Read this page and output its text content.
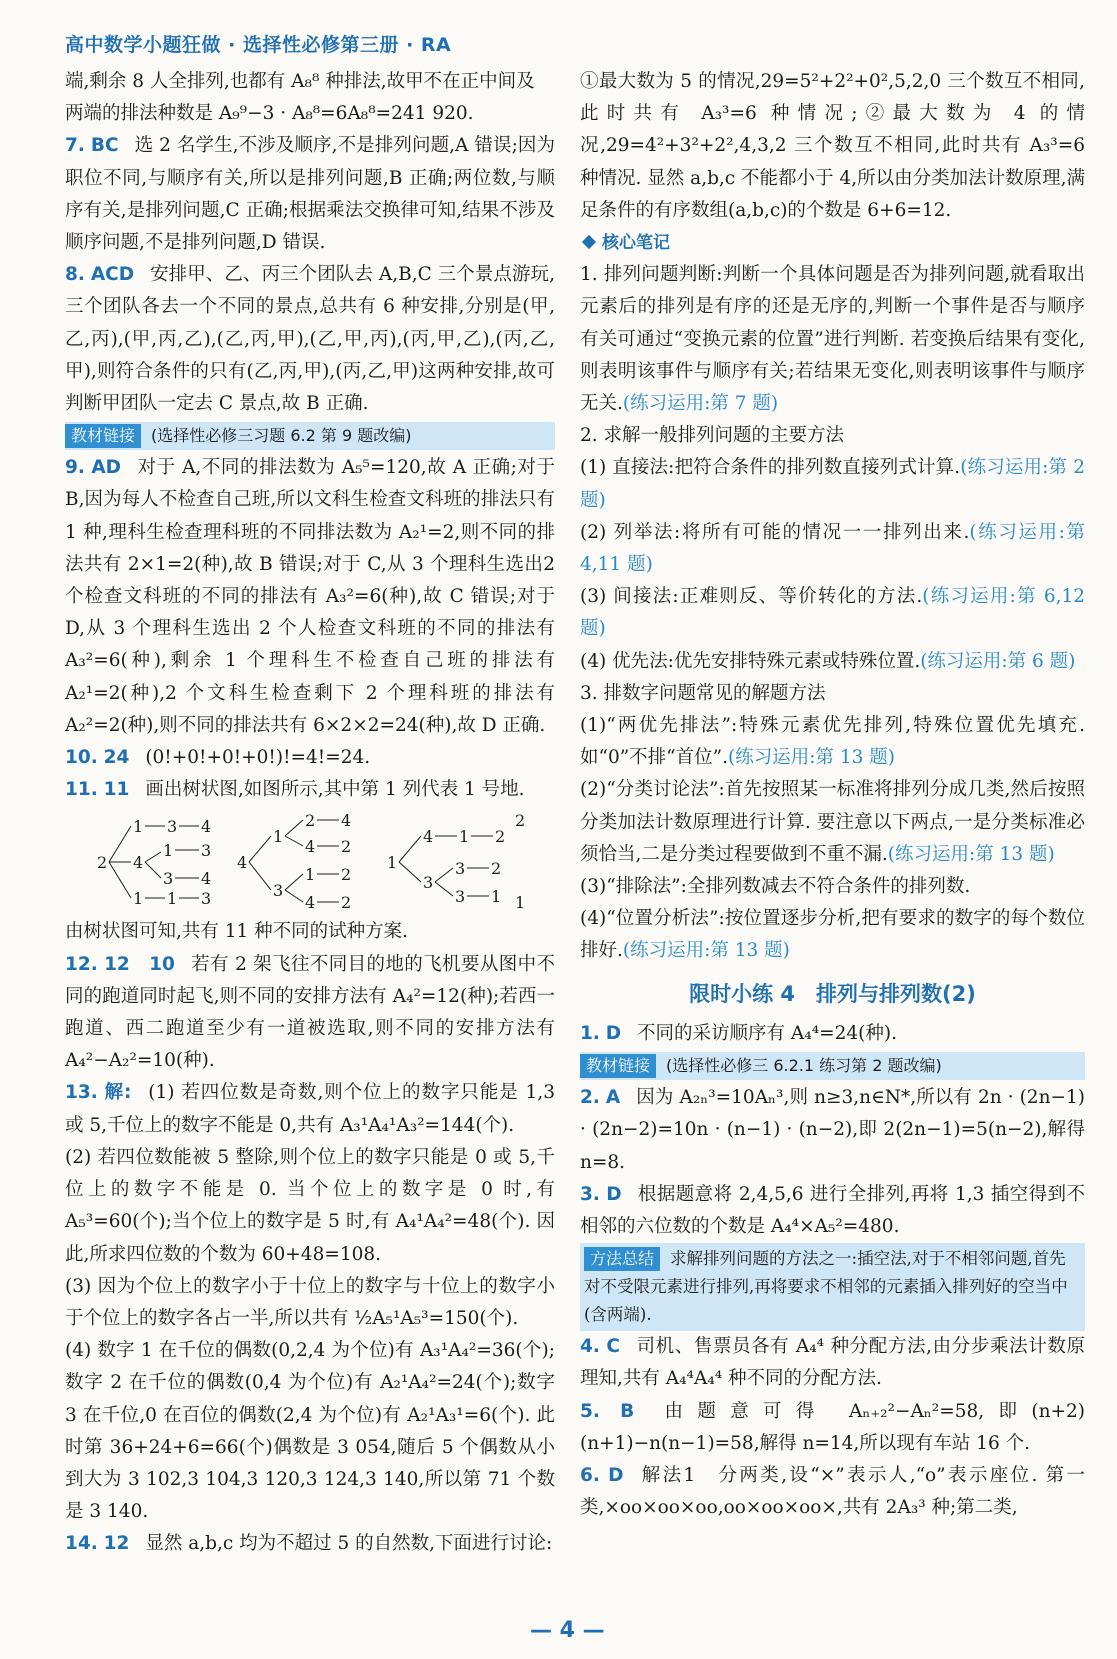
高中数学小题狂做 · 选择性必修第三册 · RA

端,剩余 8 人全排列,也都有 A₈⁸ 种排法,故甲不在正中间及

两端的排法种数是 A₉⁹−3 · A₈⁸=6A₈⁸=241 920.

7. BC 选 2 名学生,不涉及顺序,不是排列问题,A 错误;因为职位不同,与顺序有关,所以是排列问题,B 正确;两位数,与顺序有关,是排列问题,C 正确;根据乘法交换律可知,结果不涉及顺序问题,不是排列问题,D 错误.

8. ACD 安排甲、乙、丙三个团队去 A,B,C 三个景点游玩,三个团队各去一个不同的景点,总共有 6 种安排,分别是(甲,乙,丙),(甲,丙,乙),(乙,丙,甲),(乙,甲,丙),(丙,甲,乙),(丙,乙,甲),则符合条件的只有(乙,丙,甲),(丙,乙,甲)这两种安排,故可判断甲团队一定去 C 景点,故 B 正确.

教材链接 (选择性必修三习题 6.2 第 9 题改编)

9. AD 对于 A,不同的排法数为 A₅⁵=120,故 A 正确;对于 B,因为每人不检查自己班,所以文科生检查文科班的排法只有 1 种,理科生检查理科班的不同排法数为 A₂¹=2,则不同的排法共有 2×1=2(种),故 B 错误;对于 C,从 3 个理科生选出2个检查文科班的不同的排法有 A₃²=6(种),故 C 错误;对于 D,从 3 个理科生选出 2 个人检查文科班的不同的排法有 A₃²=6(种),剩余 1 个理科生不检查自己班的排法有 A₂¹=2(种),2 个文科生检查剩下 2 个理科班的排法有 A₂²=2(种),则不同的排法共有 6×2×2=24(种),故 D 正确.

10. 24 (0!+0!+0!+0!)!=4!=24.

11. 11 画出树状图,如图所示,其中第 1 列代表 1 号地.

2
1 3 4
4
1 3
3 4
1 1 3
4
1
2 4
4 2
3
1 2
4 2
1
4 1 2
3
3 2
3 1
2
1

由树状图可知,共有 11 种不同的试种方案.

12. 12　10 若有 2 架飞往不同目的地的飞机要从图中不同的跑道同时起飞,则不同的安排方法有 A₄²=12(种);若西一跑道、西二跑道至少有一道被选取,则不同的安排方法有 A₄²−A₂²=10(种).

13. 解: (1) 若四位数是奇数,则个位上的数字只能是 1,3 或 5,千位上的数字不能是 0,共有 A₃¹A₄¹A₃²=144(个).

(2) 若四位数能被 5 整除,则个位上的数字只能是 0 或 5,千位上的数字不能是 0. 当个位上的数字是 0 时,有 A₅³=60(个);当个位上的数字是 5 时,有 A₄¹A₄²=48(个). 因此,所求四位数的个数为 60+48=108.

(3) 因为个位上的数字小于十位上的数字与十位上的数字小于个位上的数字各占一半,所以共有 ½A₅¹A₅³=150(个).

(4) 数字 1 在千位的偶数(0,2,4 为个位)有 A₃¹A₄²=36(个);数字 2 在千位的偶数(0,4 为个位)有 A₂¹A₄²=24(个);数字 3 在千位,0 在百位的偶数(2,4 为个位)有 A₂¹A₃¹=6(个). 此时第 36+24+6=66(个)偶数是 3 054,随后 5 个偶数从小到大为 3 102,3 104,3 120,3 124,3 140,所以第 71 个数是 3 140.

14. 12 显然 a,b,c 均为不超过 5 的自然数,下面进行讨论:

①最大数为 5 的情况,29=5²+2²+0²,5,2,0 三个数互不相同,此时共有 A₃³=6 种情况;②最大数为 4 的情况,29=4²+3²+2²,4,3,2 三个数互不相同,此时共有 A₃³=6 种情况. 显然 a,b,c 不能都小于 4,所以由分类加法计数原理,满足条件的有序数组(a,b,c)的个数是 6+6=12.

核心笔记

1. 排列问题判断:判断一个具体问题是否为排列问题,就看取出元素后的排列是有序的还是无序的,判断一个事件是否与顺序有关可通过“变换元素的位置”进行判断. 若变换后结果有变化,则表明该事件与顺序有关;若结果无变化,则表明该事件与顺序无关.(练习运用:第 7 题)

2. 求解一般排列问题的主要方法

(1) 直接法:把符合条件的排列数直接列式计算.(练习运用:第 2 题)

(2) 列举法:将所有可能的情况一一排列出来.(练习运用:第 4,11 题)

(3) 间接法:正难则反、等价转化的方法.(练习运用:第 6,12 题)

(4) 优先法:优先安排特殊元素或特殊位置.(练习运用:第 6 题)

3. 排数字问题常见的解题方法

(1)“两优先排法”:特殊元素优先排列,特殊位置优先填充.如“0”不排“首位”.(练习运用:第 13 题)

(2)“分类讨论法”:首先按照某一标准将排列分成几类,然后按照分类加法计数原理进行计算. 要注意以下两点,一是分类标准必须恰当,二是分类过程要做到不重不漏.(练习运用:第 13 题)

(3)“排除法”:全排列数减去不符合条件的排列数.

(4)“位置分析法”:按位置逐步分析,把有要求的数字的每个数位排好.(练习运用:第 13 题)

限时小练 4　排列与排列数(2)

1. D 不同的采访顺序有 A₄⁴=24(种).

教材链接 (选择性必修三 6.2.1 练习第 2 题改编)

2. A 因为 A₂ₙ³=10Aₙ³,则 n≥3,n∈N*,所以有 2n · (2n−1) · (2n−2)=10n · (n−1) · (n−2),即 2(2n−1)=5(n−2),解得 n=8.

3. D 根据题意将 2,4,5,6 进行全排列,再将 1,3 插空得到不相邻的六位数的个数是 A₄⁴×A₅²=480.

方法总结 求解排列问题的方法之一:插空法,对于不相邻问题,首先对不受限元素进行排列,再将要求不相邻的元素插入排列好的空当中(含两端).

4. C 司机、售票员各有 A₄⁴ 种分配方法,由分步乘法计数原理知,共有 A₄⁴A₄⁴ 种不同的分配方法.

5. B 由题意可得 Aₙ₊₂²−Aₙ²=58,即(n+2)(n+1)−n(n−1)=58,解得 n=14,所以现有车站 16 个.

6. D 解法1　分两类,设“×”表示人,“o”表示座位. 第一类,×oo×oo×oo,oo×oo×oo×,共有 2A₃³ 种;第二类,

— 4 —
